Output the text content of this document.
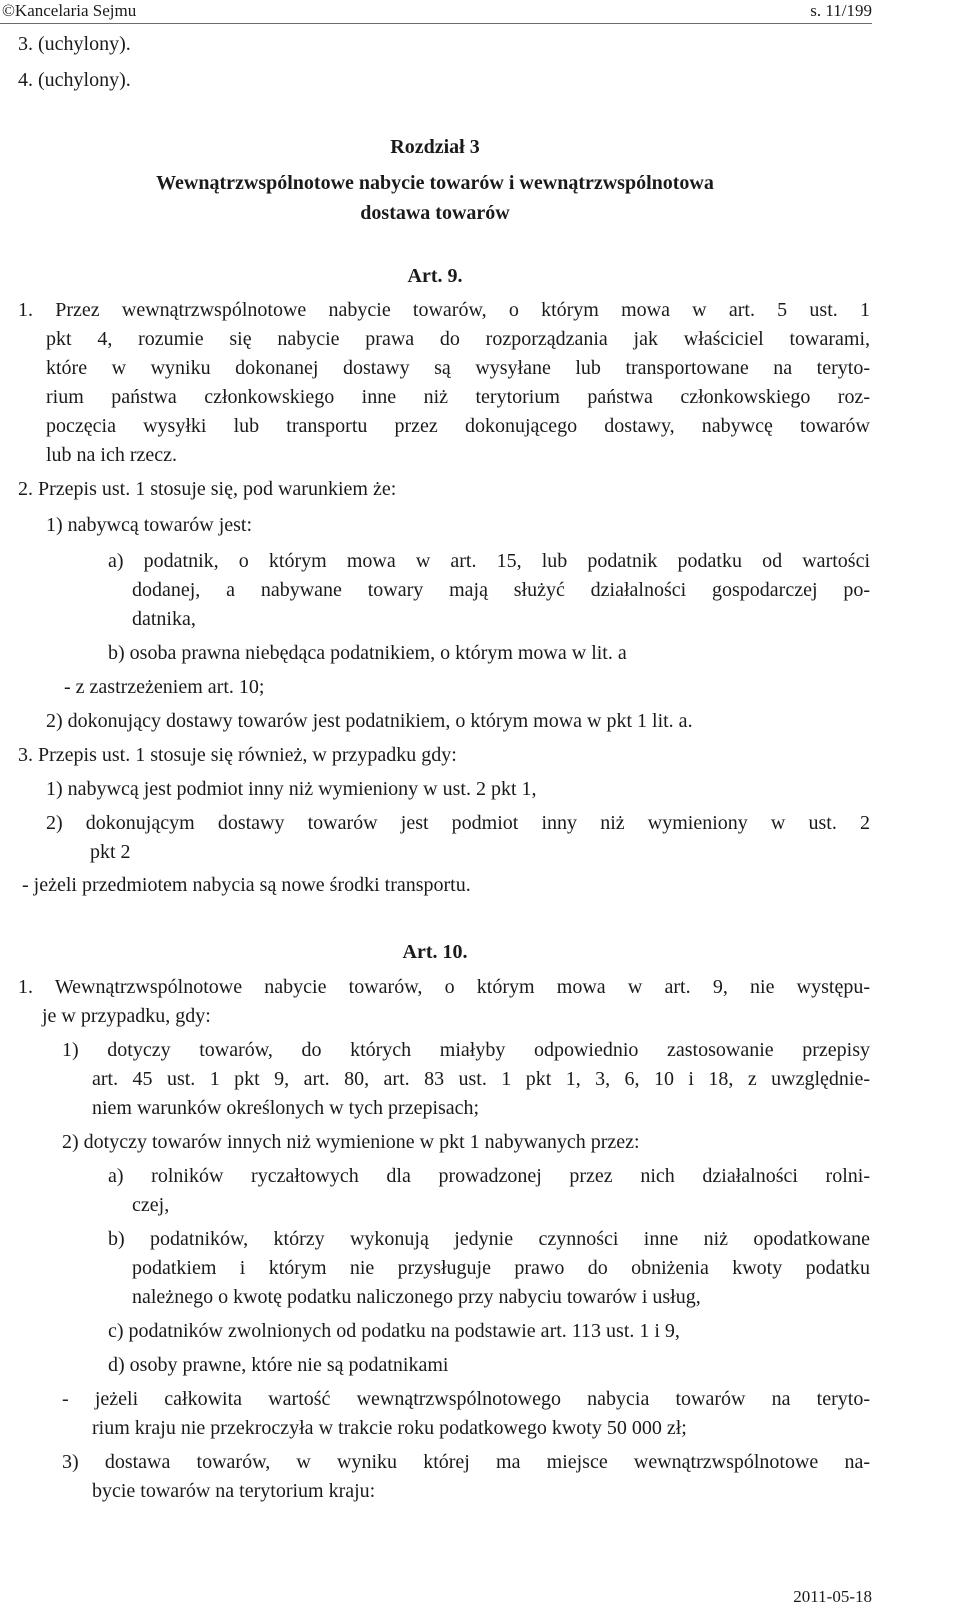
©Kancelaria Sejmu	s. 11/199
3. (uchylony).
4. (uchylony).
Rozdział 3
Wewnątrzwspólnotowe nabycie towarów i wewnątrzwspólnotowa
dostawa towarów
Art. 9.
1. Przez wewnątrzwspólnotowe nabycie towarów, o którym mowa w art. 5 ust. 1
pkt 4, rozumie się nabycie prawa do rozporządzania jak właściciel towarami,
które w wyniku dokonanej dostawy są wysyłane lub transportowane na teryto-
rium państwa członkowskiego inne niż terytorium państwa członkowskiego roz-
poczęcia wysyłki lub transportu przez dokonującego dostawy, nabywcę towarów
lub na ich rzecz.
2. Przepis ust. 1 stosuje się, pod warunkiem że:
1) nabywcą towarów jest:
a) podatnik, o którym mowa w art. 15, lub podatnik podatku od wartości
dodanej, a nabywane towary mają służyć działalności gospodarczej po-
datnika,
b) osoba prawna niebędąca podatnikiem, o którym mowa w lit. a
- z zastrzeżeniem art. 10;
2) dokonujący dostawy towarów jest podatnikiem, o którym mowa w pkt 1 lit. a.
3. Przepis ust. 1 stosuje się również, w przypadku gdy:
1) nabywcą jest podmiot inny niż wymieniony w ust. 2 pkt 1,
2) dokonującym dostawy towarów jest podmiot inny niż wymieniony w ust. 2
pkt 2
- jeżeli przedmiotem nabycia są nowe środki transportu.
Art. 10.
1. Wewnątrzwspólnotowe nabycie towarów, o którym mowa w art. 9, nie występu-
je w przypadku, gdy:
1) dotyczy towarów, do których miałyby odpowiednio zastosowanie przepisy
art. 45 ust. 1 pkt 9, art. 80, art. 83 ust. 1 pkt 1, 3, 6, 10 i 18, z uwzględnie-
niem warunków określonych w tych przepisach;
2) dotyczy towarów innych niż wymienione w pkt 1 nabywanych przez:
a) rolników ryczałtowych dla prowadzonej przez nich działalności rolni-
czej,
b) podatników, którzy wykonują jedynie czynności inne niż opodatkowane
podatkiem i którym nie przysługuje prawo do obniżenia kwoty podatku
należnego o kwotę podatku naliczonego przy nabyciu towarów i usług,
c) podatników zwolnionych od podatku na podstawie art. 113 ust. 1 i 9,
d) osoby prawne, które nie są podatnikami
- jeżeli całkowita wartość wewnątrzwspólnotowego nabycia towarów na teryto-
rium kraju nie przekroczyła w trakcie roku podatkowego kwoty 50 000 zł;
3) dostawa towarów, w wyniku której ma miejsce wewnątrzwspólnotowe na-
bycie towarów na terytorium kraju:
2011-05-18
